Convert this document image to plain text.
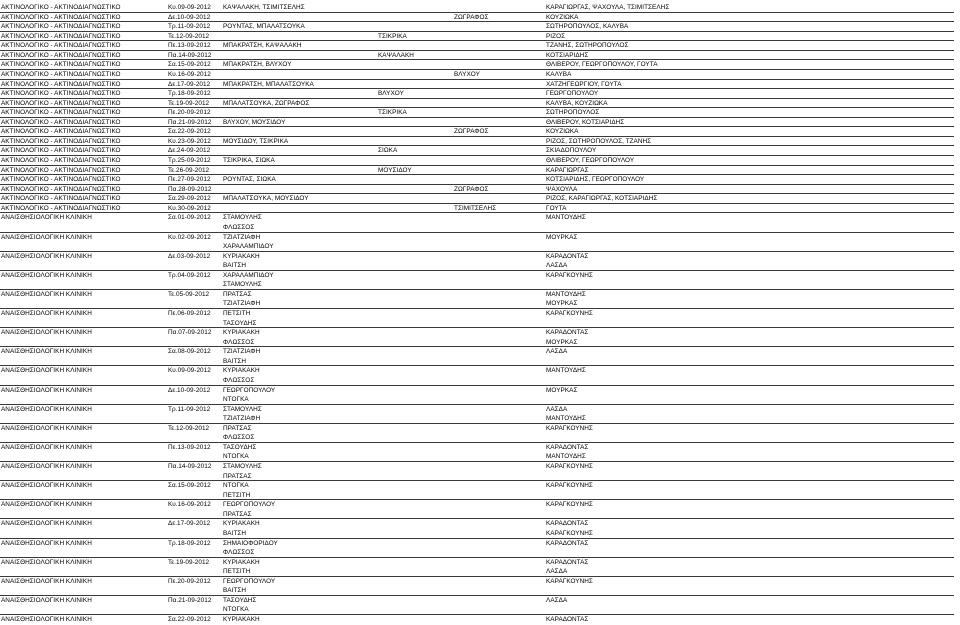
ΑΚΤΙΝΟΛΟΓΙΚΟ - ΑΚΤΙΝΟΔΙΑΓΝΩΣΤΙΚΟ	Κυ.09-09-2012	ΚΑΨΑΛΑΚΗ, ΤΣΙΜΙΤΣΕΛΗΣ	ΚΑΡΑΓΙΩΡΓΑΣ, ΨΑΧΟΥΛΑ, ΤΣΙΜΙΤΣΕΛΗΣ
ΑΚΤΙΝΟΛΟΓΙΚΟ - ΑΚΤΙΝΟΔΙΑΓΝΩΣΤΙΚΟ	Δε.10-09-2012	ΖΩΓΡΑΦΟΣ	ΚΟΥΖΙΩΚΑ
ΑΚΤΙΝΟΛΟΓΙΚΟ - ΑΚΤΙΝΟΔΙΑΓΝΩΣΤΙΚΟ	Τρ.11-09-2012	ΡΟΥΝΤΑΣ, ΜΠΑΛΑΤΣΟΥΚΑ	ΣΩΤΗΡΟΠΟΥΛΟΣ, ΚΑΛΥΒΑ
ΑΚΤΙΝΟΛΟΓΙΚΟ - ΑΚΤΙΝΟΔΙΑΓΝΩΣΤΙΚΟ	Τε.12-09-2012	ΤΣΙΚΡΙΚΑ	ΡΙΖΟΣ
ΑΚΤΙΝΟΛΟΓΙΚΟ - ΑΚΤΙΝΟΔΙΑΓΝΩΣΤΙΚΟ	Πε.13-09-2012	ΜΠΑΚΡΑΤΣΗ, ΚΑΨΑΛΑΚΗ	ΤΖΑΝΗΣ, ΣΩΤΗΡΟΠΟΥΛΟΣ
ΑΚΤΙΝΟΛΟΓΙΚΟ - ΑΚΤΙΝΟΔΙΑΓΝΩΣΤΙΚΟ	Πα.14-09-2012	ΚΑΨΑΛΑΚΗ	ΚΟΤΣΙΑΡΙΔΗΣ
ΑΚΤΙΝΟΛΟΓΙΚΟ - ΑΚΤΙΝΟΔΙΑΓΝΩΣΤΙΚΟ	Σα.15-09-2012	ΜΠΑΚΡΑΤΣΗ, ΒΛΥΧΟΥ	ΘΛΙΒΕΡΟΥ, ΓΕΩΡΓΟΠΟΥΛΟΥ, ΓΟΥΤΑ
ΑΚΤΙΝΟΛΟΓΙΚΟ - ΑΚΤΙΝΟΔΙΑΓΝΩΣΤΙΚΟ	Κυ.16-09-2012	ΒΛΥΧΟΥ	ΚΑΛΥΒΑ
ΑΚΤΙΝΟΛΟΓΙΚΟ - ΑΚΤΙΝΟΔΙΑΓΝΩΣΤΙΚΟ	Δε.17-09-2012	ΜΠΑΚΡΑΤΣΗ, ΜΠΑΛΑΤΣΟΥΚΑ	ΧΑΤΖΗΓΕΩΡΓΙΟΥ, ΓΟΥΤΑ
ΑΚΤΙΝΟΛΟΓΙΚΟ - ΑΚΤΙΝΟΔΙΑΓΝΩΣΤΙΚΟ	Τρ.18-09-2012	ΒΛΥΧΟΥ	ΓΕΩΡΓΟΠΟΥΛΟΥ
ΑΚΤΙΝΟΛΟΓΙΚΟ - ΑΚΤΙΝΟΔΙΑΓΝΩΣΤΙΚΟ	Τε.19-09-2012	ΜΠΑΛΑΤΣΟΥΚΑ, ΖΩΓΡΑΦΟΣ	ΚΑΛΥΒΑ, ΚΟΥΖΙΩΚΑ
ΑΚΤΙΝΟΛΟΓΙΚΟ - ΑΚΤΙΝΟΔΙΑΓΝΩΣΤΙΚΟ	Πε.20-09-2012	ΤΣΙΚΡΙΚΑ	ΣΩΤΗΡΟΠΟΥΛΟΣ
ΑΚΤΙΝΟΛΟΓΙΚΟ - ΑΚΤΙΝΟΔΙΑΓΝΩΣΤΙΚΟ	Πα.21-09-2012	ΒΛΥΧΟΥ, ΜΟΥΣΙΔΟΥ	ΘΛΙΒΕΡΟΥ, ΚΟΤΣΙΑΡΙΔΗΣ
ΑΚΤΙΝΟΛΟΓΙΚΟ - ΑΚΤΙΝΟΔΙΑΓΝΩΣΤΙΚΟ	Σα.22-09-2012	ΖΩΓΡΑΦΟΣ	ΚΟΥΖΙΩΚΑ
ΑΚΤΙΝΟΛΟΓΙΚΟ - ΑΚΤΙΝΟΔΙΑΓΝΩΣΤΙΚΟ	Κυ.23-09-2012	ΜΟΥΣΙΔΟΥ, ΤΣΙΚΡΙΚΑ	ΡΙΖΟΣ, ΣΩΤΗΡΟΠΟΥΛΟΣ, ΤΖΑΝΗΣ
ΑΚΤΙΝΟΛΟΓΙΚΟ - ΑΚΤΙΝΟΔΙΑΓΝΩΣΤΙΚΟ	Δε.24-09-2012	ΣΙΩΚΑ	ΣΚΙΑΔΟΠΟΥΛΟΥ
ΑΚΤΙΝΟΛΟΓΙΚΟ - ΑΚΤΙΝΟΔΙΑΓΝΩΣΤΙΚΟ	Τρ.25-09-2012	ΤΣΙΚΡΙΚΑ, ΣΙΩΚΑ	ΘΛΙΒΕΡΟΥ, ΓΕΩΡΓΟΠΟΥΛΟΥ
ΑΚΤΙΝΟΛΟΓΙΚΟ - ΑΚΤΙΝΟΔΙΑΓΝΩΣΤΙΚΟ	Τε.26-09-2012	ΜΟΥΣΙΔΟΥ	ΚΑΡΑΓΙΩΡΓΑΣ
ΑΚΤΙΝΟΛΟΓΙΚΟ - ΑΚΤΙΝΟΔΙΑΓΝΩΣΤΙΚΟ	Πε.27-09-2012	ΡΟΥΝΤΑΣ, ΣΙΩΚΑ	ΚΟΤΣΙΑΡΙΔΗΣ, ΓΕΩΡΓΟΠΟΥΛΟΥ
ΑΚΤΙΝΟΛΟΓΙΚΟ - ΑΚΤΙΝΟΔΙΑΓΝΩΣΤΙΚΟ	Πα.28-09-2012	ΖΩΓΡΑΦΟΣ	ΨΑΧΟΥΛΑ
ΑΚΤΙΝΟΛΟΓΙΚΟ - ΑΚΤΙΝΟΔΙΑΓΝΩΣΤΙΚΟ	Σα.29-09-2012	ΜΠΑΛΑΤΣΟΥΚΑ, ΜΟΥΣΙΔΟΥ	ΡΙΖΟΣ, ΚΑΡΑΓΙΩΡΓΑΣ, ΚΟΤΣΙΑΡΙΔΗΣ
ΑΚΤΙΝΟΛΟΓΙΚΟ - ΑΚΤΙΝΟΔΙΑΓΝΩΣΤΙΚΟ	Κυ.30-09-2012	ΤΣΙΜΙΤΣΕΛΗΣ	ΓΟΥΤΑ
ΑΝΑΙΣΘΗΣΙΟΛΟΓΙΚΗ ΚΛΙΝΙΚΗ	Σα.01-09-2012	ΣΤΑΜΟΥΛΗΣ	ΜΑΝΤΟΥΔΗΣ
ΦΛΩΣΣΟΣ
ΑΝΑΙΣΘΗΣΙΟΛΟΓΙΚΗ ΚΛΙΝΙΚΗ	Κυ.02-09-2012	ΤΖΙΑΤΖΙΑΦΗ	ΜΟΥΡΚΑΣ
ΧΑΡΑΛΑΜΠΙΔΟΥ
ΑΝΑΙΣΘΗΣΙΟΛΟΓΙΚΗ ΚΛΙΝΙΚΗ	Δε.03-09-2012	ΚΥΡΙΑΚΑΚΗ	ΚΑΡΑΔΟΝΤΑΣ
ΒΑΙΤΣΗ	ΛΑΣΔΑ
ΑΝΑΙΣΘΗΣΙΟΛΟΓΙΚΗ ΚΛΙΝΙΚΗ	Τρ.04-09-2012	ΧΑΡΑΛΑΜΠΙΔΟΥ	ΚΑΡΑΓΚΟΥΝΗΣ
ΣΤΑΜΟΥΛΗΣ
ΑΝΑΙΣΘΗΣΙΟΛΟΓΙΚΗ ΚΛΙΝΙΚΗ	Τε.05-09-2012	ΠΡΑΤΣΑΣ	ΜΑΝΤΟΥΔΗΣ
ΤΖΙΑΤΖΙΑΦΗ	ΜΟΥΡΚΑΣ
ΑΝΑΙΣΘΗΣΙΟΛΟΓΙΚΗ ΚΛΙΝΙΚΗ	Πε.06-09-2012	ΠΕΤΣΙΤΗ	ΚΑΡΑΓΚΟΥΝΗΣ
ΤΑΣΟΥΔΗΣ
ΑΝΑΙΣΘΗΣΙΟΛΟΓΙΚΗ ΚΛΙΝΙΚΗ	Πα.07-09-2012	ΚΥΡΙΑΚΑΚΗ	ΚΑΡΑΔΟΝΤΑΣ
ΦΛΩΣΣΟΣ	ΜΟΥΡΚΑΣ
ΑΝΑΙΣΘΗΣΙΟΛΟΓΙΚΗ ΚΛΙΝΙΚΗ	Σα.08-09-2012	ΤΖΙΑΤΖΙΑΦΗ	ΛΑΣΔΑ
ΒΑΙΤΣΗ
ΑΝΑΙΣΘΗΣΙΟΛΟΓΙΚΗ ΚΛΙΝΙΚΗ	Κυ.09-09-2012	ΚΥΡΙΑΚΑΚΗ	ΜΑΝΤΟΥΔΗΣ
ΦΛΩΣΣΟΣ
ΑΝΑΙΣΘΗΣΙΟΛΟΓΙΚΗ ΚΛΙΝΙΚΗ	Δε.10-09-2012	ΓΕΩΡΓΟΠΟΥΛΟΥ	ΜΟΥΡΚΑΣ
ΝΤΟΓΚΑ
ΑΝΑΙΣΘΗΣΙΟΛΟΓΙΚΗ ΚΛΙΝΙΚΗ	Τρ.11-09-2012	ΣΤΑΜΟΥΛΗΣ	ΛΑΣΔΑ
ΤΖΙΑΤΖΙΑΦΗ	ΜΑΝΤΟΥΔΗΣ
ΑΝΑΙΣΘΗΣΙΟΛΟΓΙΚΗ ΚΛΙΝΙΚΗ	Τε.12-09-2012	ΠΡΑΤΣΑΣ	ΚΑΡΑΓΚΟΥΝΗΣ
ΦΛΩΣΣΟΣ
ΑΝΑΙΣΘΗΣΙΟΛΟΓΙΚΗ ΚΛΙΝΙΚΗ	Πε.13-09-2012	ΤΑΣΟΥΔΗΣ	ΚΑΡΑΔΟΝΤΑΣ
ΝΤΟΓΚΑ	ΜΑΝΤΟΥΔΗΣ
ΑΝΑΙΣΘΗΣΙΟΛΟΓΙΚΗ ΚΛΙΝΙΚΗ	Πα.14-09-2012	ΣΤΑΜΟΥΛΗΣ	ΚΑΡΑΓΚΟΥΝΗΣ
ΠΡΑΤΣΑΣ
ΑΝΑΙΣΘΗΣΙΟΛΟΓΙΚΗ ΚΛΙΝΙΚΗ	Σα.15-09-2012	ΝΤΟΓΚΑ	ΚΑΡΑΓΚΟΥΝΗΣ
ΠΕΤΣΙΤΗ
ΑΝΑΙΣΘΗΣΙΟΛΟΓΙΚΗ ΚΛΙΝΙΚΗ	Κυ.16-09-2012	ΓΕΩΡΓΟΠΟΥΛΟΥ	ΚΑΡΑΓΚΟΥΝΗΣ
ΠΡΑΤΣΑΣ
ΑΝΑΙΣΘΗΣΙΟΛΟΓΙΚΗ ΚΛΙΝΙΚΗ	Δε.17-09-2012	ΚΥΡΙΑΚΑΚΗ	ΚΑΡΑΔΟΝΤΑΣ
ΒΑΙΤΣΗ	ΚΑΡΑΓΚΟΥΝΗΣ
ΑΝΑΙΣΘΗΣΙΟΛΟΓΙΚΗ ΚΛΙΝΙΚΗ	Τρ.18-09-2012	ΣΗΜΑΙΟΦΟΡΙΔΟΥ	ΚΑΡΑΔΟΝΤΑΣ
ΦΛΩΣΣΟΣ
ΑΝΑΙΣΘΗΣΙΟΛΟΓΙΚΗ ΚΛΙΝΙΚΗ	Τε.19-09-2012	ΚΥΡΙΑΚΑΚΗ	ΚΑΡΑΔΟΝΤΑΣ
ΠΕΤΣΙΤΗ	ΛΑΣΔΑ
ΑΝΑΙΣΘΗΣΙΟΛΟΓΙΚΗ ΚΛΙΝΙΚΗ	Πε.20-09-2012	ΓΕΩΡΓΟΠΟΥΛΟΥ	ΚΑΡΑΓΚΟΥΝΗΣ
ΒΑΙΤΣΗ
ΑΝΑΙΣΘΗΣΙΟΛΟΓΙΚΗ ΚΛΙΝΙΚΗ	Πα.21-09-2012	ΤΑΣΟΥΔΗΣ	ΛΑΣΔΑ
ΝΤΟΓΚΑ
ΑΝΑΙΣΘΗΣΙΟΛΟΓΙΚΗ ΚΛΙΝΙΚΗ	Σα.22-09-2012	ΚΥΡΙΑΚΑΚΗ	ΚΑΡΑΔΟΝΤΑΣ
